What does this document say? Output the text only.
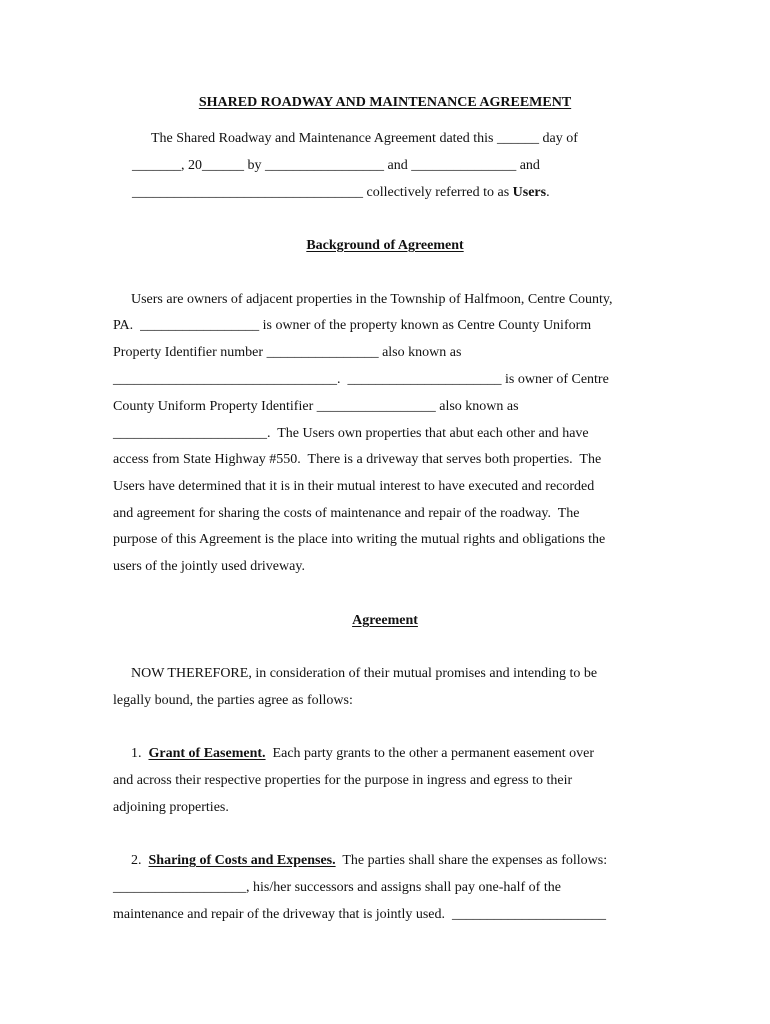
SHARED ROADWAY AND MAINTENANCE AGREEMENT
The Shared Roadway and Maintenance Agreement dated this ______ day of
_______, 20______ by _________________ and _______________ and
_________________________________ collectively referred to as Users.
Background of Agreement
Users are owners of adjacent properties in the Township of Halfmoon, Centre County,
PA.  _________________ is owner of the property known as Centre County Uniform
Property Identifier number ________________ also known as
________________________________.  ______________________ is owner of Centre
County Uniform Property Identifier _________________ also known as
______________________.  The Users own properties that abut each other and have
access from State Highway #550.  There is a driveway that serves both properties.  The
Users have determined that it is in their mutual interest to have executed and recorded
and agreement for sharing the costs of maintenance and repair of the roadway.  The
purpose of this Agreement is the place into writing the mutual rights and obligations the
users of the jointly used driveway.
Agreement
NOW THEREFORE, in consideration of their mutual promises and intending to be
legally bound, the parties agree as follows:
1. Grant of Easement.  Each party grants to the other a permanent easement over
and across their respective properties for the purpose in ingress and egress to their
adjoining properties.
2. Sharing of Costs and Expenses.  The parties shall share the expenses as follows:
___________________, his/her successors and assigns shall pay one-half of the
maintenance and repair of the driveway that is jointly used.  ______________________
